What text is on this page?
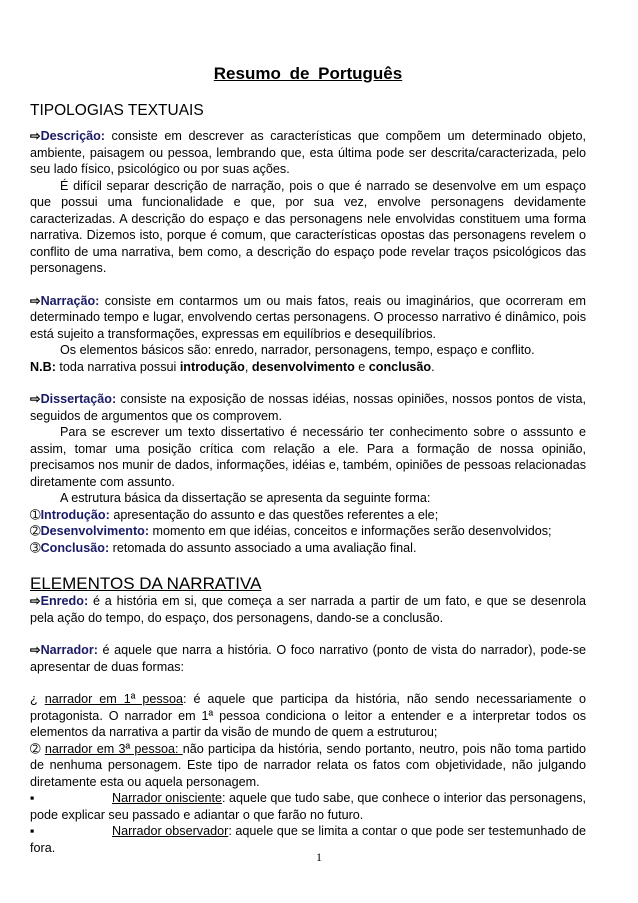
Resumo de Português
TIPOLOGIAS TEXTUAIS

⇨Descrição: consiste em descrever as características que compõem um determinado objeto, ambiente, paisagem ou pessoa, lembrando que, esta última pode ser descrita/caracterizada, pelo seu lado físico, psicológico ou por suas ações.

É difícil separar descrição de narração, pois o que é narrado se desenvolve em um espaço que possui uma funcionalidade e que, por sua vez, envolve personagens devidamente caracterizadas. A descrição do espaço e das personagens nele envolvidas constituem uma forma narrativa. Dizemos isto, porque é comum, que características opostas das personagens revelem o conflito de uma narrativa, bem como, a descrição do espaço pode revelar traços psicológicos das personagens.

⇨Narração: consiste em contarmos um ou mais fatos, reais ou imaginários, que ocorreram em determinado tempo e lugar, envolvendo certas personagens. O processo narrativo é dinâmico, pois está sujeito a transformações, expressas em equilíbrios e desequilíbrios.

Os elementos básicos são: enredo, narrador, personagens, tempo, espaço e conflito.

N.B: toda narrativa possui introdução, desenvolvimento e conclusão.

⇨Dissertação: consiste na exposição de nossas idéias, nossas opiniões, nossos pontos de vista, seguidos de argumentos que os comprovem.

Para se escrever um texto dissertativo é necessário ter conhecimento sobre o asssunto e assim, tomar uma posição crítica com relação a ele. Para a formação de nossa opinião, precisamos nos munir de dados, informações, idéias e, também, opiniões de pessoas relacionadas diretamente com assunto.

A estrutura básica da dissertação se apresenta da seguinte forma:

➀Introdução: apresentação do assunto e das questões referentes a ele;

➁Desenvolvimento: momento em que idéias, conceitos e informações serão desenvolvidos;

➂Conclusão: retomada do assunto associado a uma avaliação final.

ELEMENTOS DA NARRATIVA

⇨Enredo: é a história em si, que começa a ser narrada a partir de um fato, e que se desenrola pela ação do tempo, do espaço, dos personagens, dando-se a conclusão.

⇨Narrador: é aquele que narra a história. O foco narrativo (ponto de vista do narrador), pode-se apresentar de duas formas:

¿ narrador em 1ª pessoa: é aquele que participa da história, não sendo necessariamente o protagonista. O narrador em 1ª pessoa condiciona o leitor a entender e a interpretar todos os elementos da narrativa a partir da visão de mundo de quem a estruturou;

➁ narrador em 3ª pessoa: não participa da história, sendo portanto, neutro, pois não toma partido de nenhuma personagem. Este tipo de narrador relata os fatos com objetividade, não julgando diretamente esta ou aquela personagem.

▪	Narrador onisciente: aquele que tudo sabe, que conhece o interior das personagens, pode explicar seu passado e adiantar o que farão no futuro.

▪	Narrador observador: aquele que se limita a contar o que pode ser testemunhado de fora.

1
